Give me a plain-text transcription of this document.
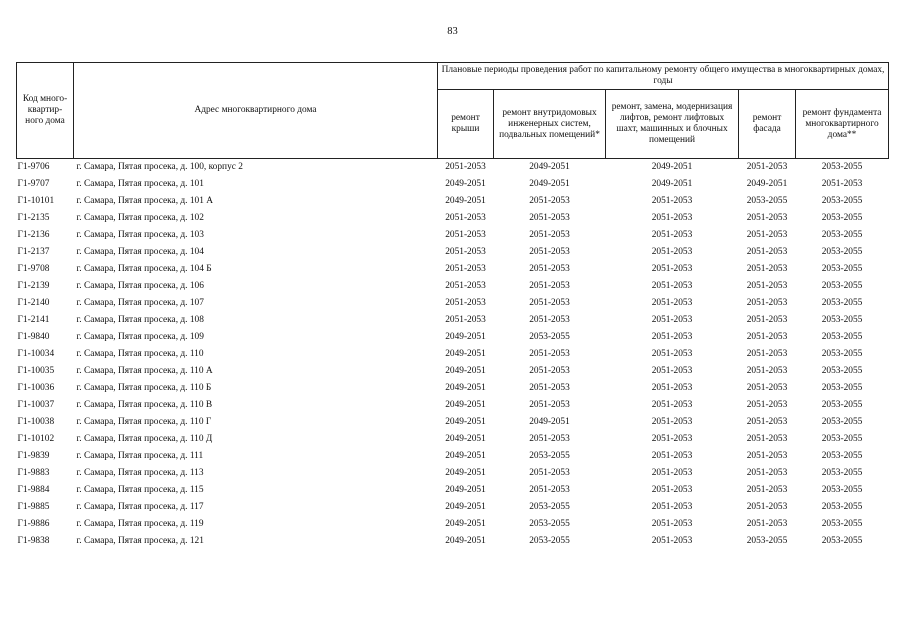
83
Код много-квартир-ного дома	Адрес многоквартирного дома	Плановые периоды проведения работ по капитальному ремонту общего имущества в многоквартирных домах, годы				
		ремонт крыши	ремонт внутридомовых инженерных систем, подвальных помещений*	ремонт, замена, модернизация лифтов, ремонт лифтовых шахт, машинных и блочных помещений	ремонт фасада	ремонт фундамента многоквартирного дома**
Г1-9706	г. Самара, Пятая просека, д. 100, корпус 2	2051-2053	2049-2051	2049-2051	2051-2053	2053-2055
Г1-9707	г. Самара, Пятая просека, д. 101	2049-2051	2049-2051	2049-2051	2049-2051	2051-2053
Г1-10101	г. Самара, Пятая просека, д. 101 А	2049-2051	2051-2053	2051-2053	2053-2055	2053-2055
Г1-2135	г. Самара, Пятая просека, д. 102	2051-2053	2051-2053	2051-2053	2051-2053	2053-2055
Г1-2136	г. Самара, Пятая просека, д. 103	2051-2053	2051-2053	2051-2053	2051-2053	2053-2055
Г1-2137	г. Самара, Пятая просека, д. 104	2051-2053	2051-2053	2051-2053	2051-2053	2053-2055
Г1-9708	г. Самара, Пятая просека, д. 104 Б	2051-2053	2051-2053	2051-2053	2051-2053	2053-2055
Г1-2139	г. Самара, Пятая просека, д. 106	2051-2053	2051-2053	2051-2053	2051-2053	2053-2055
Г1-2140	г. Самара, Пятая просека, д. 107	2051-2053	2051-2053	2051-2053	2051-2053	2053-2055
Г1-2141	г. Самара, Пятая просека, д. 108	2051-2053	2051-2053	2051-2053	2051-2053	2053-2055
Г1-9840	г. Самара, Пятая просека, д. 109	2049-2051	2053-2055	2051-2053	2051-2053	2053-2055
Г1-10034	г. Самара, Пятая просека, д. 110	2049-2051	2051-2053	2051-2053	2051-2053	2053-2055
Г1-10035	г. Самара, Пятая просека, д. 110 А	2049-2051	2051-2053	2051-2053	2051-2053	2053-2055
Г1-10036	г. Самара, Пятая просека, д. 110 Б	2049-2051	2051-2053	2051-2053	2051-2053	2053-2055
Г1-10037	г. Самара, Пятая просека, д. 110 В	2049-2051	2051-2053	2051-2053	2051-2053	2053-2055
Г1-10038	г. Самара, Пятая просека, д. 110 Г	2049-2051	2049-2051	2051-2053	2051-2053	2053-2055
Г1-10102	г. Самара, Пятая просека, д. 110 Д	2049-2051	2051-2053	2051-2053	2051-2053	2053-2055
Г1-9839	г. Самара, Пятая просека, д. 111	2049-2051	2053-2055	2051-2053	2051-2053	2053-2055
Г1-9883	г. Самара, Пятая просека, д. 113	2049-2051	2051-2053	2051-2053	2051-2053	2053-2055
Г1-9884	г. Самара, Пятая просека, д. 115	2049-2051	2051-2053	2051-2053	2051-2053	2053-2055
Г1-9885	г. Самара, Пятая просека, д. 117	2049-2051	2053-2055	2051-2053	2051-2053	2053-2055
Г1-9886	г. Самара, Пятая просека, д. 119	2049-2051	2053-2055	2051-2053	2051-2053	2053-2055
Г1-9838	г. Самара, Пятая просека, д. 121	2049-2051	2053-2055	2051-2053	2053-2055	2053-2055
